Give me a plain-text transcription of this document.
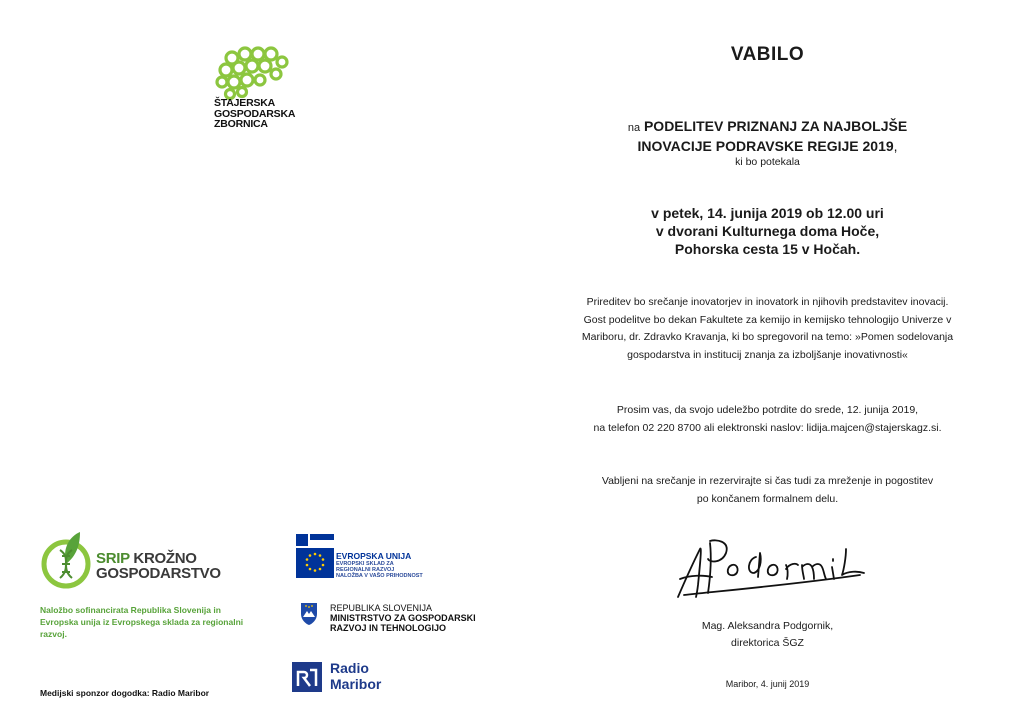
ŠTAJERSKA
GOSPODARSKA
ZBORNICA
VABILO
na PODELITEV PRIZNANJ ZA NAJBOLJŠE
INOVACIJE PODRAVSKE REGIJE 2019,
ki bo potekala
v petek, 14. junija 2019 ob 12.00 uri
v dvorani Kulturnega doma Hoče,
Pohorska cesta 15 v Hočah.
Prireditev bo srečanje inovatorjev in inovatork in njihovih predstavitev inovacij.
Gost podelitve bo dekan Fakultete za kemijo in kemijsko tehnologijo Univerze v
Mariboru, dr. Zdravko Kravanja, ki bo spregovoril na temo: »Pomen sodelovanja
gospodarstva in institucij znanja za izboljšanje inovativnosti«
Prosim vas, da svojo udeležbo potrdite do srede, 12. junija 2019,
na telefon 02 220 8700 ali elektronski naslov: lidija.majcen@stajerskagz.si.
Vabljeni na srečanje in rezervirajte si čas tudi za mreženje in pogostitev
po končanem formalnem delu.
Mag. Aleksandra Podgornik,
direktorica ŠGZ
Maribor, 4. junij 2019
SRIP KROŽNO
GOSPODARSTVO
Naložbo sofinancirata Republika Slovenija in Evropska unija iz Evropskega sklada za regionalni razvoj.
Medijski sponzor dogodka: Radio Maribor
EVROPSKA UNIJA
EVROPSKI SKLAD ZA
REGIONALNI RAZVOJ
NALOŽBA V VAŠO PRIHODNOST
REPUBLIKA SLOVENIJA
MINISTRSTVO ZA GOSPODARSKI
RAZVOJ IN TEHNOLOGIJO
Radio
Maribor
